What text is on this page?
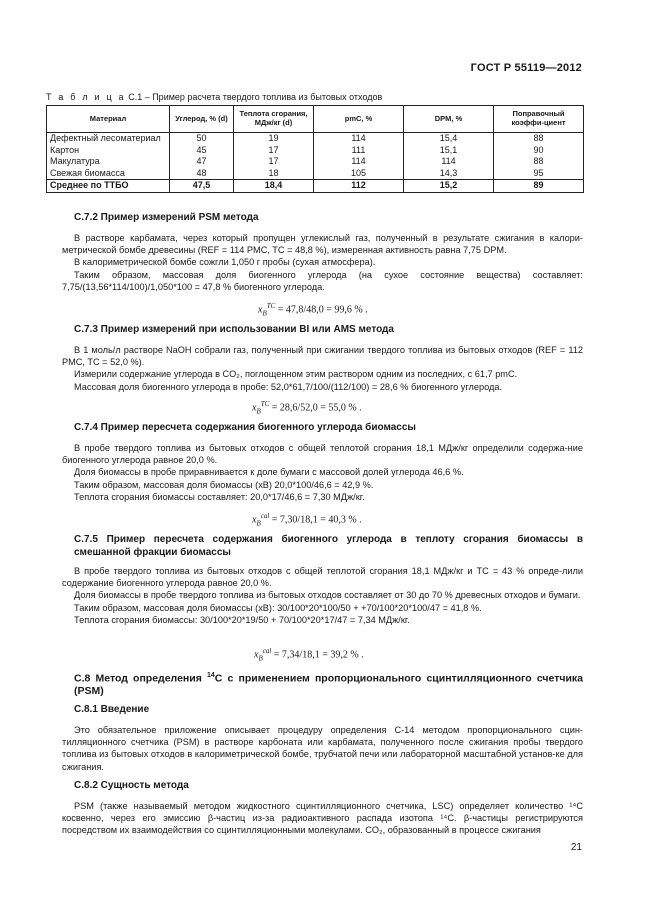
ГОСТ Р 55119—2012
Т а б л и ц а С.1 – Пример расчета твердого топлива из бытовых отходов
Материал	Углерод, % (d)	Теплота сгорания, МДж/кг (d)	pmC, %	DPM, %	Поправочный коэффи-циент
Дефектный лесоматериал	50	19	114	15,4	88
Картон	45	17	111	15,1	90
Макулатура	47	17	114	114	88
Свежая биомасса	48	18	105	14,3	95
Среднее по ТТБО	47,5	18,4	112	15,2	89
С.7.2 Пример измерений PSM метода

В растворе карбамата, через который пропущен углекислый газ, полученный в результате сжигания в калори-метрической бомбе древесины (REF = 114 PMC, TC = 48,8 %), измеренная активность равна 7,75 DPM.

В калориметрической бомбе сожгли 1,050 г пробы (сухая атмосфера).

Таким образом, массовая доля биогенного углерода (на сухое состояние вещества) составляет: 7,75/(13,56*114/100)/1,050*100 = 47,8 % биогенного углерода.

$x_B^{TC} = 47,8/48,0 = 99,6$ % .
С.7.3 Пример измерений при использовании BI или AMS метода

В 1 моль/л растворе NaOH собрали газ, полученный при сжигании твердого топлива из бытовых отходов (REF = 112 PMC, TC = 52,0 %).

Измерили содержание углерода в CO₂, поглощенном этим раствором одним из последних, с 61,7 pmC.

Массовая доля биогенного углерода в пробе: 52,0*61,7/100/(112/100) = 28,6 % биогенного углерода.

$x_B^{TC} = 28,6/52,0 = 55,0$ % .
С.7.4 Пример пересчета содержания биогенного углерода биомассы

В пробе твердого топлива из бытовых отходов с общей теплотой сгорания 18,1 МДж/кг определили содержа-ние биогенного углерода равное 20,0 %.

Доля биомассы в пробе приравнивается к доле бумаги с массовой долей углерода 46,6 %.

Таким образом, массовая доля биомассы (xB) 20,0*100/46,6 = 42,9 %.

Теплота сгорания биомассы составляет: 20,0*17/46,6 = 7,30 МДж/кг.

$x_B^{cal} = 7,30/18,1 = 40,3$ % .
С.7.5 Пример пересчета содержания биогенного углерода в теплоту сгорания биомассы в смешанной фракции биомассы

В пробе твердого топлива из бытовых отходов с общей теплотой сгорания 18,1 МДж/кг и ТС = 43 % опреде-лили содержание биогенного углерода равное 20,0 %.

Доля биомассы в пробе твердого топлива из бытовых отходов составляет от 30 до 70 % древесных отходов и бумаги.

Таким образом, массовая доля биомассы (xB): 30/100*20*100/50 + +70/100*20*100/47 = 41,8 %.

Теплота сгорания биомассы: 30/100*20*19/50 + 70/100*20*17/47 = 7,34 МДж/кг.

$x_B^{cal} = 7,34/18,1 = 39,2$ % .
С.8 Метод определения $^{14}$С с применением пропорционального сцинтилляционного счетчика (PSM)
С.8.1 Введение

Это обязательное приложение описывает процедуру определения С-14 методом пропорционального сцин-тилляционного счетчика (PSM) в растворе карбоната или карбамата, полученного после сжигания пробы твердого топлива из бытовых отходов в калориметрической бомбе, трубчатой печи или лабораторной масштабной установ-ке для сжигания.

С.8.2 Сущность метода

PSM (также называемый методом жидкостного сцинтилляционного счетчика, LSC) определяет количество ¹⁴С косвенно, через его эмиссию β-частиц из-за радиоактивного распада изотопа ¹⁴С. β-частицы регистрируются посредством их взаимодействия со сцинтилляционными молекулами. CO₂, образованный в процессе сжигания

21
